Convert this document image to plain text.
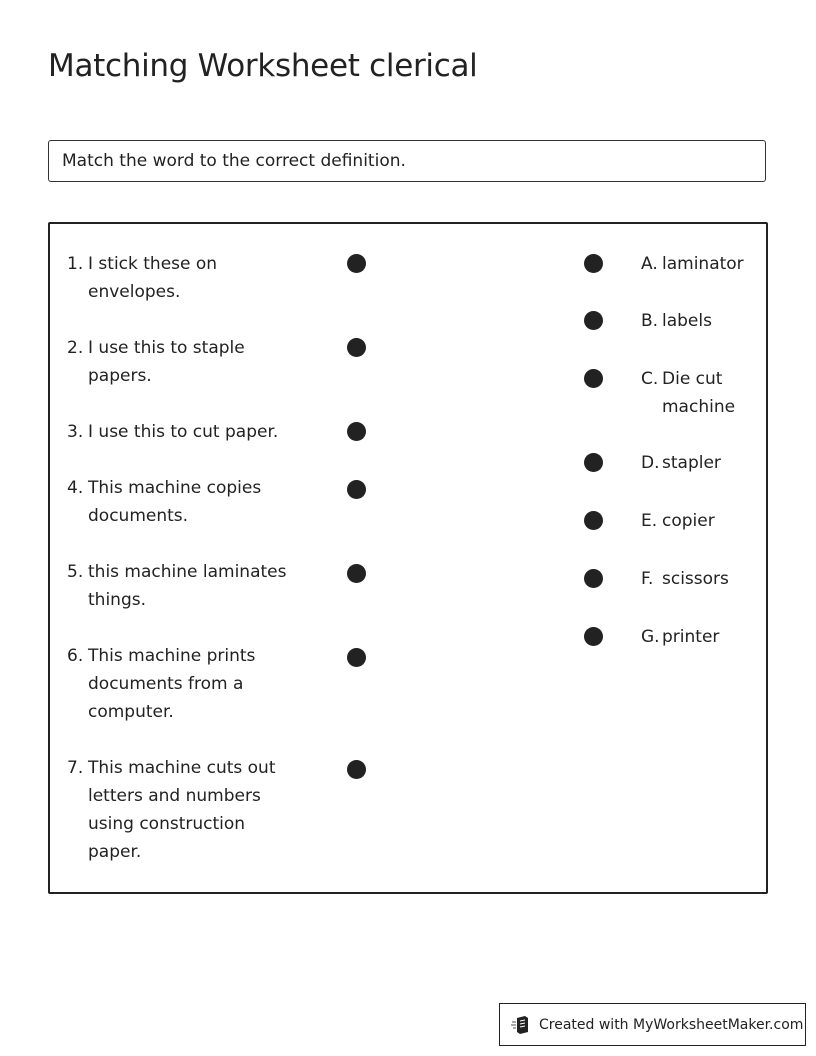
Matching Worksheet clerical
Match the word to the correct definition.
1. I stick these on envelopes.
2. I use this to staple papers.
3. I use this to cut paper.
4. This machine copies documents.
5. this machine laminates things.
6. This machine prints documents from a computer.
7. This machine cuts out letters and numbers using construction paper.
A. laminator
B. labels
C. Die cut machine
D. stapler
E. copier
F. scissors
G. printer
Created with MyWorksheetMaker.com
